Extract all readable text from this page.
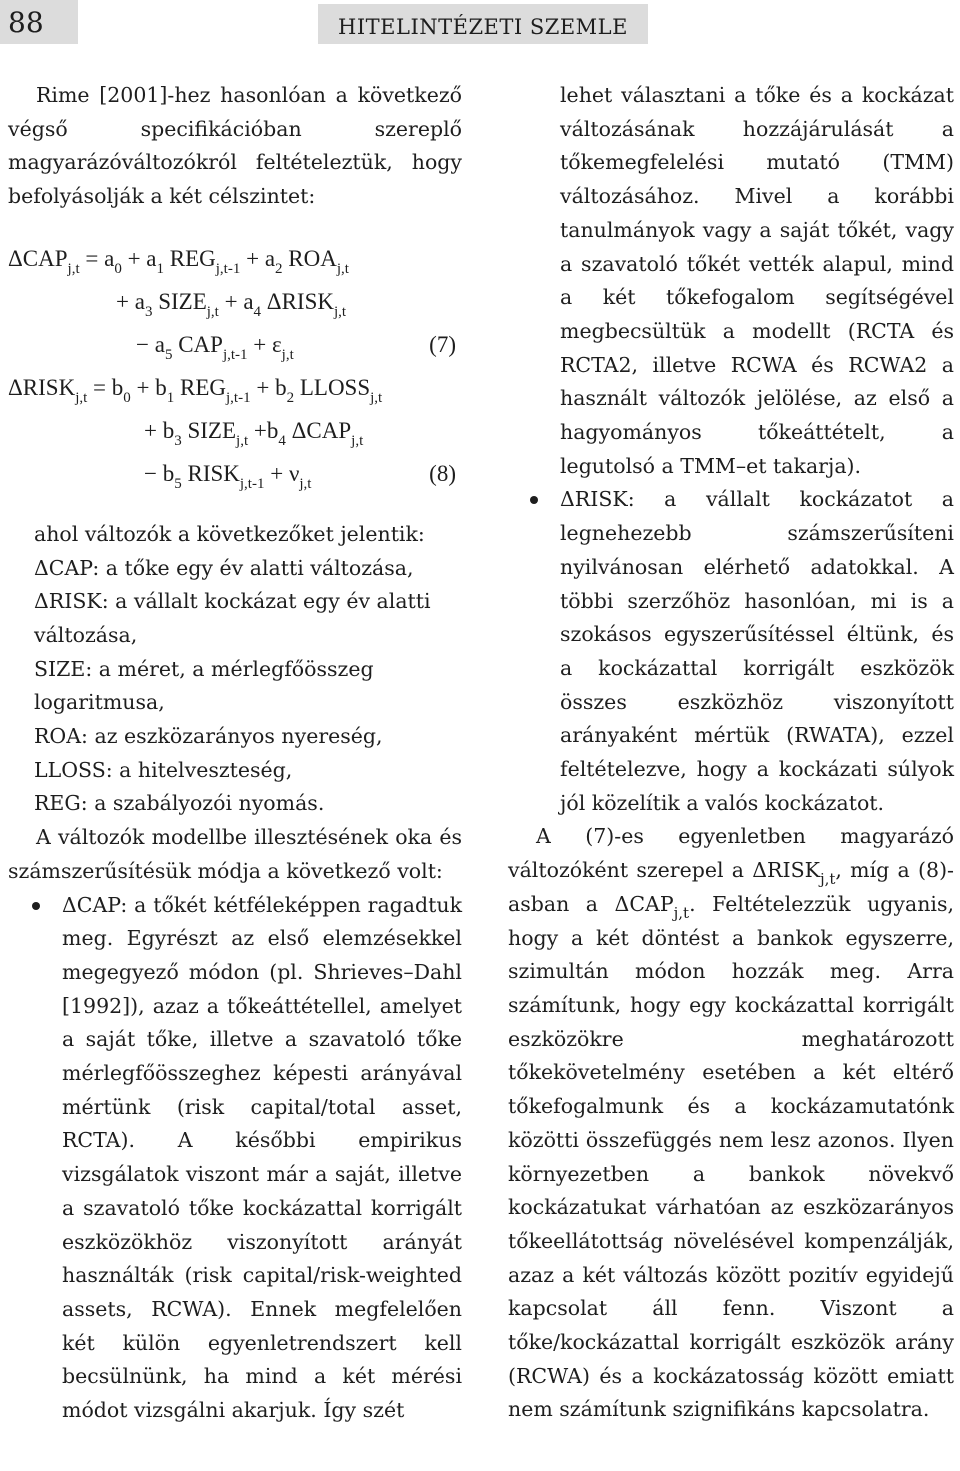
88	HITELINTÉZETI SZEMLE

Rime [2001]-hez hasonlóan a következő végső specifikációban szereplő magyarázóváltozókról feltételeztük, hogy befolyásolják a két célszintet:

$\Delta CAP_{j,t} = a_0 + a_1$ $REG_{j,t-1} + a_2$ $ROA_{j,t}$
+ $a_3$ $SIZE_{j,t} + a_4$ $\Delta RISK_{j,t}$
− $a_5$ $CAP_{j,t-1} + \varepsilon_{j,t}$	(7)
$\Delta RISK_{j,t} = b_0 + b_1$ $REG_{j,t-1} + b_2$ $LLOSS_{j,t}$
+ $b_3$ $SIZE_{j,t} +b_4$ $\Delta CAP_{j,t}$
− $b_5$ $RISK_{j,t-1} + \nu_{j,t}$	(8)

ahol változók a következőket jelentik:

ΔCAP: a tőke egy év alatti változása,

ΔRISK: a vállalt kockázat egy év alatti változása,

SIZE: a méret, a mérlegfőösszeg logaritmusa,

ROA: az eszközarányos nyereség,

LLOSS: a hitelveszteség,

REG: a szabályozói nyomás.

A változók modellbe illesztésének oka és számszerűsítésük módja a következő volt:

ΔCAP: a tőkét kétféleképpen ragadtuk meg. Egyrészt az első elemzésekkel megegyező módon (pl. Shrieves–Dahl [1992]), azaz a tőkeáttétellel, amelyet a saját tőke, illetve a szavatoló tőke mérlegfőösszeghez képesti arányával mértünk (risk capital/total asset, RCTA). A későbbi empirikus vizsgálatok viszont már a saját, illetve a szavatoló tőke kockázattal korrigált eszközökhöz viszonyított arányát használták (risk capital/risk-weighted assets, RCWA). Ennek megfelelően két külön egyenletrendszert kell becsülnünk, ha mind a két mérési módot vizsgálni akarjuk. Így szét

lehet választani a tőke és a kockázat változásának hozzájárulását a tőkemegfelelési mutató (TMM) változásához. Mivel a korábbi tanulmányok vagy a saját tőkét, vagy a szavatoló tőkét vették alapul, mind a két tőkefogalom segítségével megbecsültük a modellt (RCTA és RCTA2, illetve RCWA és RCWA2 a használt változók jelölése, az első a hagyományos tőkeáttételt, a legutolsó a TMM–et takarja).

ΔRISK: a vállalt kockázatot a legnehezebb számszerűsíteni nyilvánosan elérhető adatokkal. A többi szerzőhöz hasonlóan, mi is a szokásos egyszerűsítéssel éltünk, és a kockázattal korrigált eszközök összes eszközhöz viszonyított arányaként mértük (RWATA), ezzel feltételezve, hogy a kockázati súlyok jól közelítik a valós kockázatot.

A (7)-es egyenletben magyarázó változóként szerepel a $\Delta RISK_{j,t}$, míg a (8)-asban a $\Delta CAP_{j,t}$. Feltételezzük ugyanis, hogy a két döntést a bankok egyszerre, szimultán módon hozzák meg. Arra számítunk, hogy egy kockázattal korrigált eszközökre meghatározott tőkekövetelmény esetében a két eltérő tőkefogalmunk és a kockázamutatónk közötti összefüggés nem lesz azonos. Ilyen környezetben a bankok növekvő kockázatukat várhatóan az eszközarányos tőkeellátottság növelésével kompenzálják, azaz a két változás között pozitív egyidejű kapcsolat áll fenn. Viszont a tőke/kockázattal korrigált eszközök arány (RCWA) és a kockázatosság között emiatt nem számítunk szignifikáns kapcsolatra.
